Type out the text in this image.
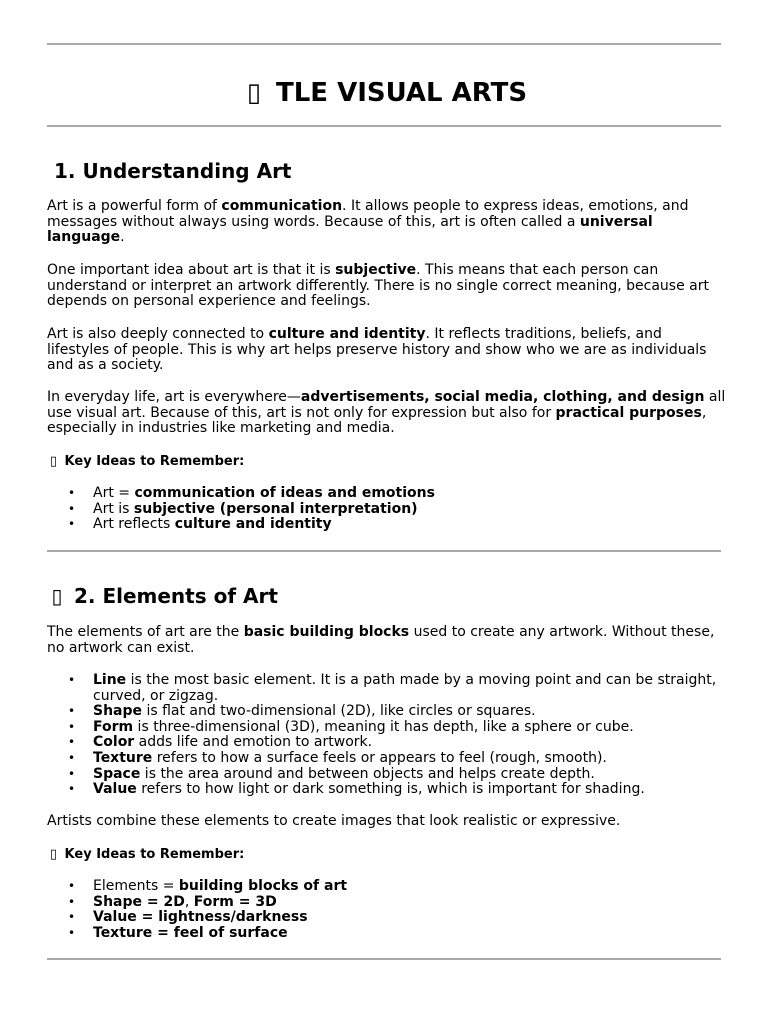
▯ TLE VISUAL ARTS
1. Understanding Art

Art is a powerful form of communication. It allows people to express ideas, emotions, and messages without always using words. Because of this, art is often called a universal language.

One important idea about art is that it is subjective. This means that each person can understand or interpret an artwork differently. There is no single correct meaning, because art depends on personal experience and feelings.

Art is also deeply connected to culture and identity. It reflects traditions, beliefs, and lifestyles of people. This is why art helps preserve history and show who we are as individuals and as a society.

In everyday life, art is everywhere—advertisements, social media, clothing, and design all use visual art. Because of this, art is not only for expression but also for practical purposes, especially in industries like marketing and media.

▯ Key Ideas to Remember:

• Art = communication of ideas and emotions
• Art is subjective (personal interpretation)
• Art reflects culture and identity
▯ 2. Elements of Art

The elements of art are the basic building blocks used to create any artwork. Without these, no artwork can exist.

• Line is the most basic element. It is a path made by a moving point and can be straight, curved, or zigzag.
• Shape is flat and two-dimensional (2D), like circles or squares.
• Form is three-dimensional (3D), meaning it has depth, like a sphere or cube.
• Color adds life and emotion to artwork.
• Texture refers to how a surface feels or appears to feel (rough, smooth).
• Space is the area around and between objects and helps create depth.
• Value refers to how light or dark something is, which is important for shading.

Artists combine these elements to create images that look realistic or expressive.

▯ Key Ideas to Remember:

• Elements = building blocks of art
• Shape = 2D, Form = 3D
• Value = lightness/darkness
• Texture = feel of surface
